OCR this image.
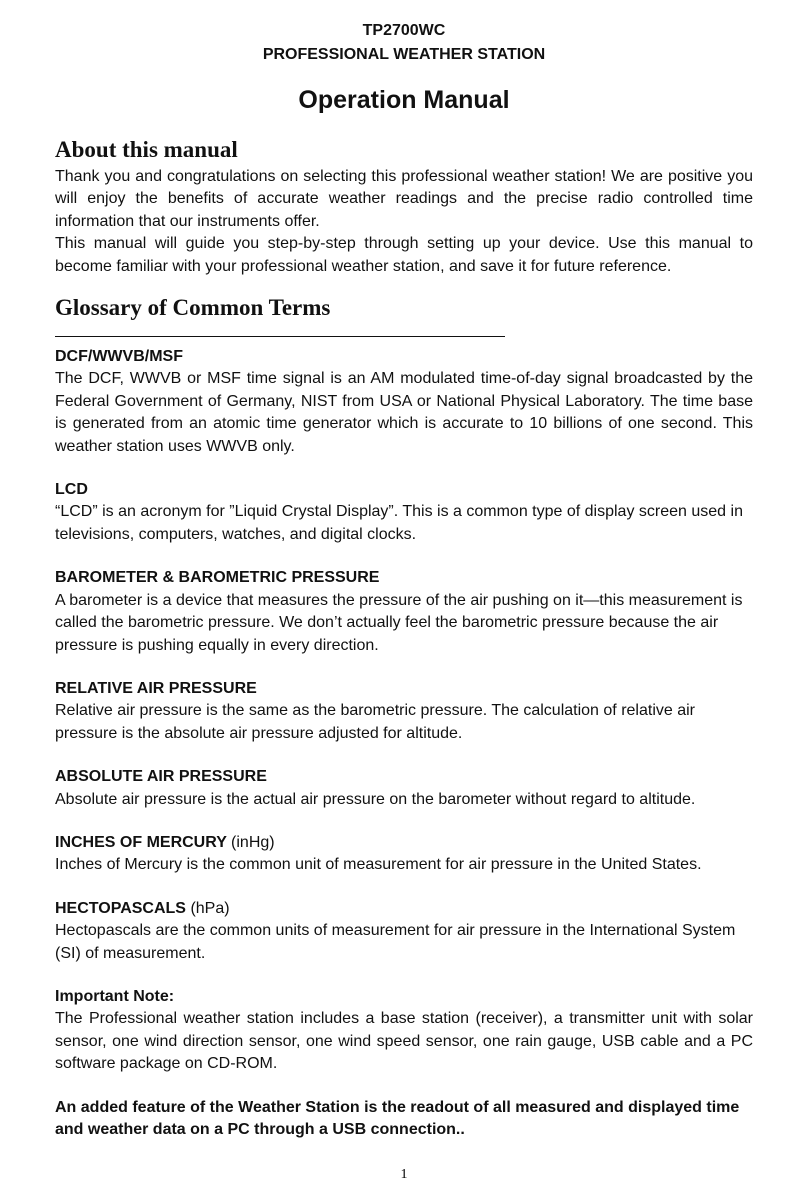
TP2700WC

PROFESSIONAL WEATHER STATION

Operation Manual
About this manual

Thank you and congratulations on selecting this professional weather station! We are positive you will enjoy the benefits of accurate weather readings and the precise radio controlled time information that our instruments offer.

This manual will guide you step-by-step through setting up your device. Use this manual to become familiar with your professional weather station, and save it for future reference.

Glossary of Common Terms
DCF/WWVB/MSF

The DCF, WWVB or MSF time signal is an AM modulated time-of-day signal broadcasted by the Federal Government of Germany, NIST from USA or National Physical Laboratory. The time base is generated from an atomic time generator which is accurate to 10 billions of one second. This weather station uses WWVB only.

LCD

“LCD” is an acronym for ”Liquid Crystal Display”. This is a common type of display screen used in televisions, computers, watches, and digital clocks.

BAROMETER & BAROMETRIC PRESSURE

A barometer is a device that measures the pressure of the air pushing on it—this measurement is called the barometric pressure. We don’t actually feel the barometric pressure because the air pressure is pushing equally in every direction.

RELATIVE AIR PRESSURE

Relative air pressure is the same as the barometric pressure. The calculation of relative air pressure is the absolute air pressure adjusted for altitude.

ABSOLUTE AIR PRESSURE

Absolute air pressure is the actual air pressure on the barometer without regard to altitude.

INCHES OF MERCURY (inHg)

Inches of Mercury is the common unit of measurement for air pressure in the United States.

HECTOPASCALS (hPa)

Hectopascals are the common units of measurement for air pressure in the International System (SI) of measurement.

Important Note:

The Professional weather station includes a base station (receiver), a transmitter unit with solar sensor, one wind direction sensor, one wind speed sensor, one rain gauge, USB cable and a PC software package on CD-ROM.

An added feature of the Weather Station is the readout of all measured and displayed time and weather data on a PC through a USB connection..

1
